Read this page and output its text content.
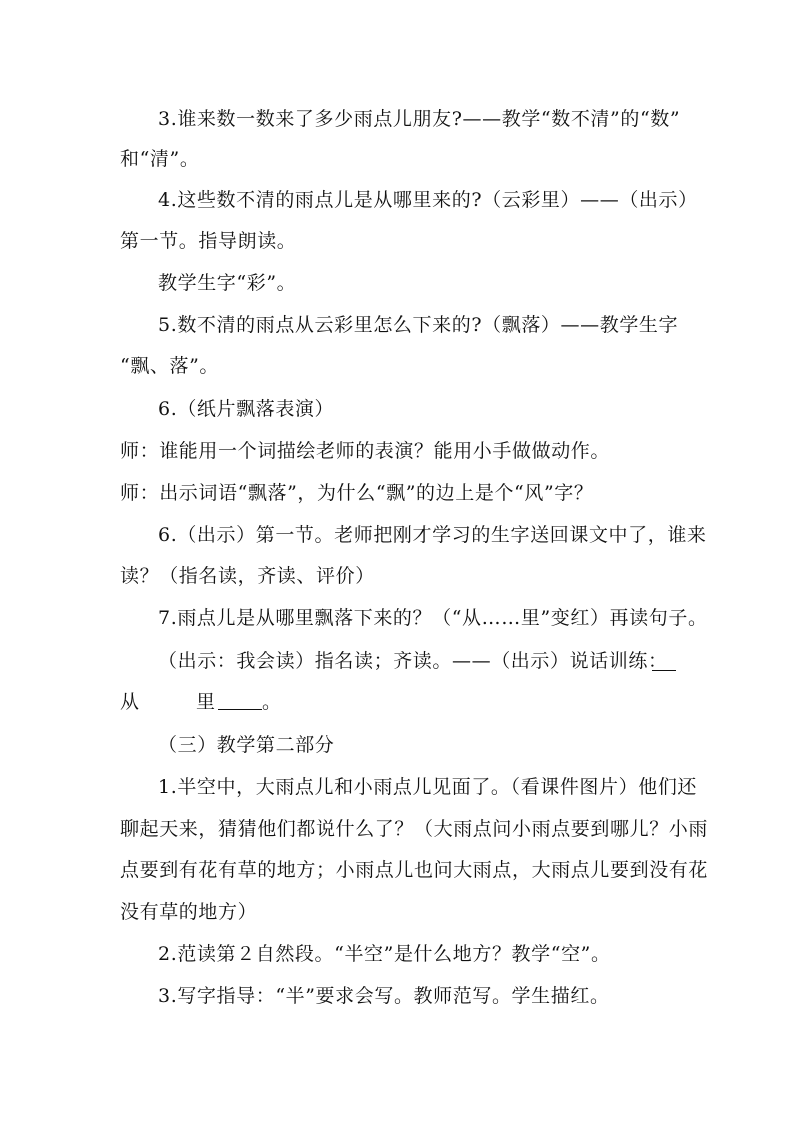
3.谁来数一数来了多少雨点儿朋友?——教学“数不清”的“数”
和“清”。
4.这些数不清的雨点儿是从哪里来的?（云彩里）——（出示）
第一节。指导朗读。
教学生字“彩”。
5.数不清的雨点从云彩里怎么下来的?（飘落）——教学生字
“飘、落”。
6.（纸片飘落表演）
师：谁能用一个词描绘老师的表演？能用小手做做动作。
师：出示词语“飘落”，为什么“飘”的边上是个“风”字？
6.（出示）第一节。老师把刚才学习的生字送回课文中了，谁来
读？（指名读，齐读、评价）
7.雨点儿是从哪里飘落下来的？（“从……里”变红）再读句子。
（出示：我会读）指名读；齐读。——（出示）说话训练：
从	里	。
（三）教学第二部分
1.半空中，大雨点儿和小雨点儿见面了。（看课件图片）他们还
聊起天来，猜猜他们都说什么了？（大雨点问小雨点要到哪儿？小雨
点要到有花有草的地方；小雨点儿也问大雨点，大雨点儿要到没有花
没有草的地方）
2.范读第２自然段。“半空”是什么地方？教学“空”。
3.写字指导：“半”要求会写。教师范写。学生描红。
